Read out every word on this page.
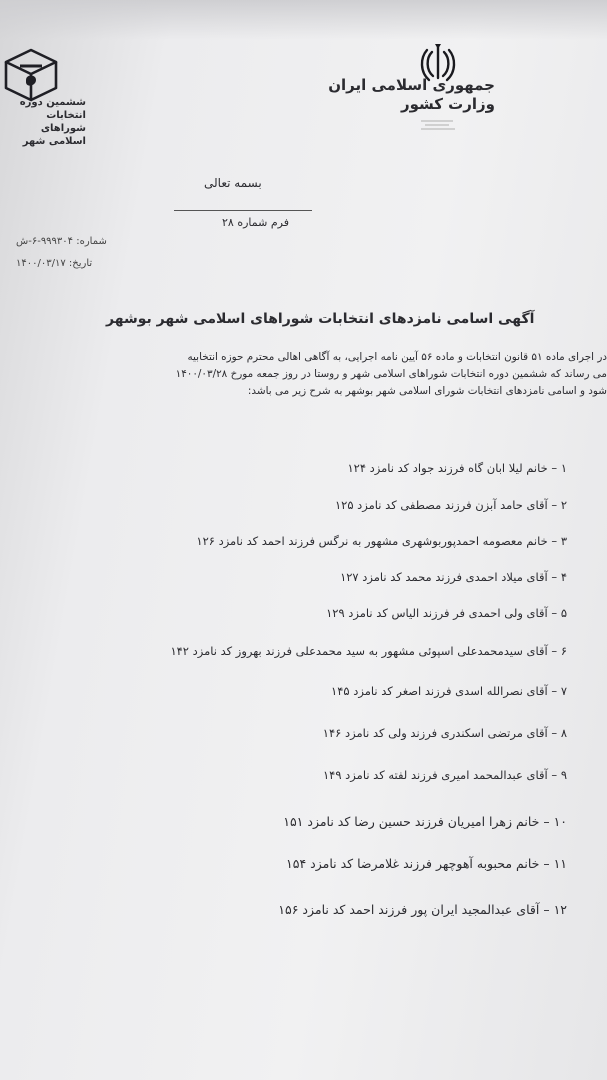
جمهوری اسلامی ایران
وزارت کشور
ششمین دوره انتخابات
شوراهای اسلامی شهر
بسمه تعالی
فرم شماره ۲۸
شماره: ۹۹۹۳۰۴-۶-ش
تاریخ: ۱۴۰۰/۰۳/۱۷
آگهی اسامی نامزدهای انتخابات شوراهای اسلامی شهر بوشهر
در اجرای ماده ۵۱ قانون انتخابات و ماده ۵۶ آیین نامه اجرایی، به آگاهی اهالی محترم حوزه انتخابیه
می رساند که ششمین دوره انتخابات شوراهای اسلامی شهر و روستا در روز جمعه مورخ ۱۴۰۰/۰۳/۲۸
شود و اسامی نامزدهای انتخابات شورای اسلامی شهر بوشهر به شرح زیر می باشد:
۱ – خانم لیلا ابان گاه فرزند جواد کد نامزد ۱۲۴
۲ – آقای حامد آبزن فرزند مصطفی کد نامزد ۱۲۵
۳ – خانم معصومه احمدپوربوشهری مشهور به نرگس فرزند احمد کد نامزد ۱۲۶
۴ – آقای میلاد احمدی فرزند محمد کد نامزد ۱۲۷
۵ – آقای ولی احمدی فر فرزند الیاس کد نامزد ۱۲۹
۶ – آقای سیدمحمدعلی اسپوئی مشهور به سید محمدعلی فرزند بهروز کد نامزد ۱۴۲
۷ – آقای نصرالله اسدی فرزند اصغر کد نامزد ۱۴۵
۸ – آقای مرتضی اسکندری فرزند ولی کد نامزد ۱۴۶
۹ – آقای عبدالمحمد امیری فرزند لفته کد نامزد ۱۴۹
۱۰ – خانم زهرا امیریان فرزند حسین رضا کد نامزد ۱۵۱
۱۱ – خانم محبوبه آهوچهر فرزند غلامرضا کد نامزد ۱۵۴
۱۲ – آقای عبدالمجید ایران پور فرزند احمد کد نامزد ۱۵۶
